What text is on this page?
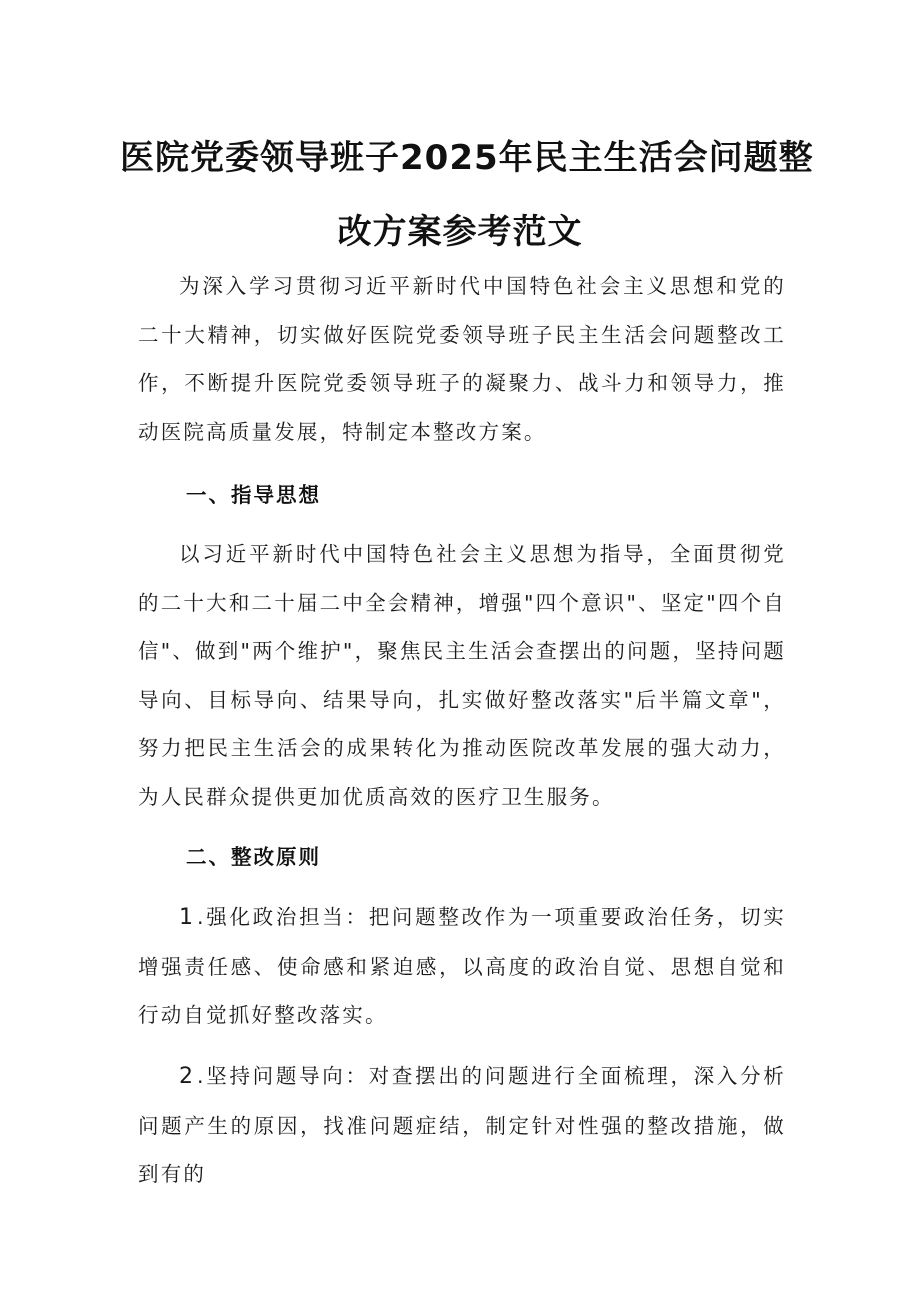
医院党委领导班子2025年民主生活会问题整
改方案参考范文

为深入学习贯彻习近平新时代中国特色社会主义思想和党的二十大精神，切实做好医院党委领导班子民主生活会问题整改工作，不断提升医院党委领导班子的凝聚力、战斗力和领导力，推动医院高质量发展，特制定本整改方案。

一、指导思想

以习近平新时代中国特色社会主义思想为指导，全面贯彻党的二十大和二十届二中全会精神，增强"四个意识"、坚定"四个自信"、做到"两个维护"，聚焦民主生活会查摆出的问题，坚持问题导向、目标导向、结果导向，扎实做好整改落实"后半篇文章"，努力把民主生活会的成果转化为推动医院改革发展的强大动力，为人民群众提供更加优质高效的医疗卫生服务。

二、整改原则

1.强化政治担当：把问题整改作为一项重要政治任务，切实增强责任感、使命感和紧迫感，以高度的政治自觉、思想自觉和行动自觉抓好整改落实。

2.坚持问题导向：对查摆出的问题进行全面梳理，深入分析问题产生的原因，找准问题症结，制定针对性强的整改措施，做到有的
